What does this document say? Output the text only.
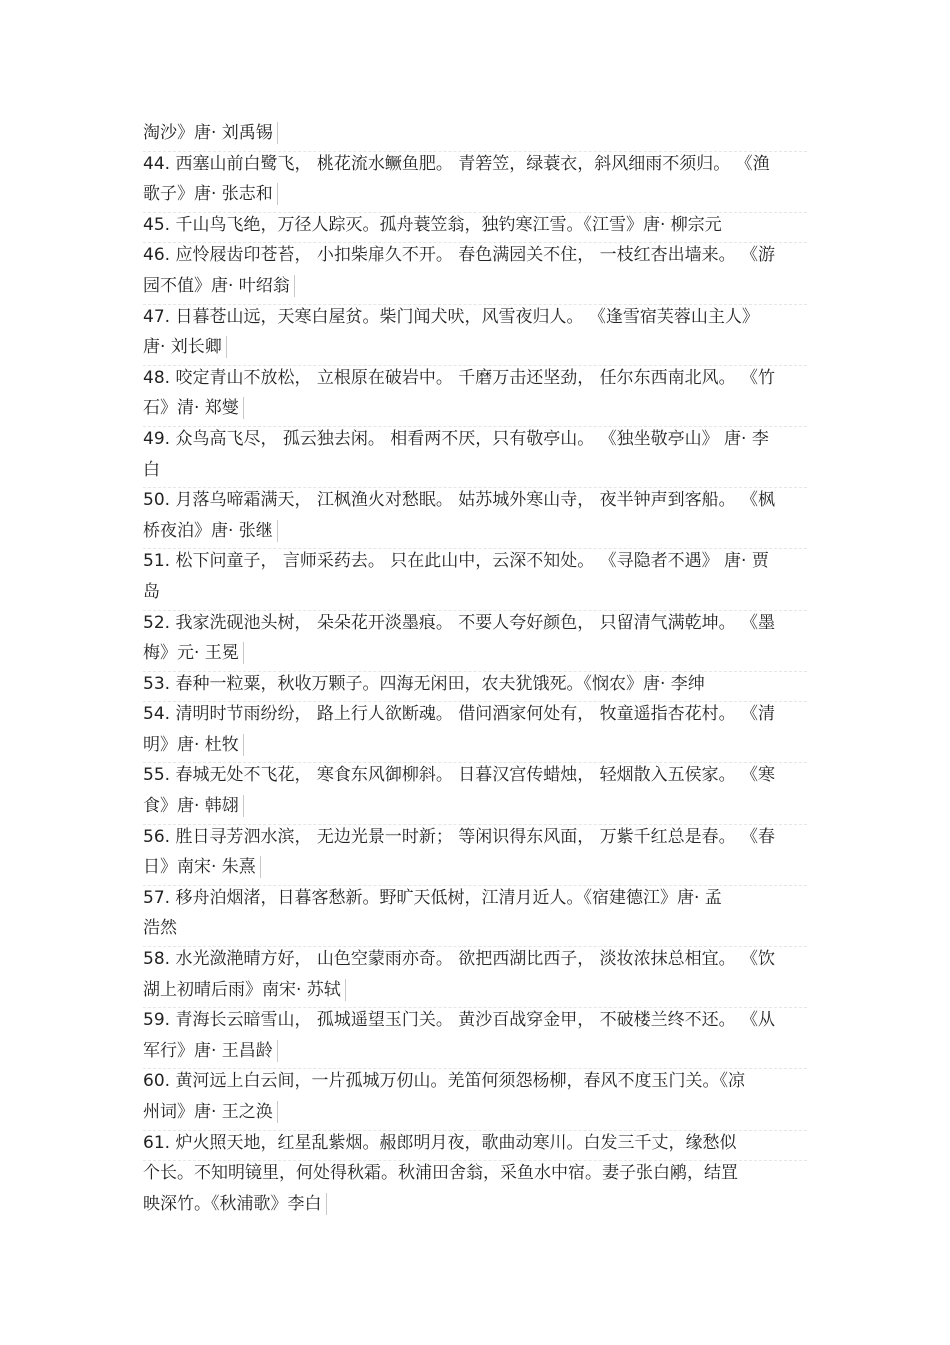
淘沙》唐· 刘禹锡
44. 西塞山前白鹭飞， 桃花流水鳜鱼肥。 青箬笠，绿蓑衣，斜风细雨不须归。 《渔
歌子》唐· 张志和
45. 千山鸟飞绝，万径人踪灭。孤舟蓑笠翁，独钓寒江雪。《江雪》唐· 柳宗元
46. 应怜屐齿印苍苔， 小扣柴扉久不开。 春色满园关不住， 一枝红杏出墙来。 《游
园不值》唐· 叶绍翁
47. 日暮苍山远，天寒白屋贫。柴门闻犬吠，风雪夜归人。 《逢雪宿芙蓉山主人》
唐· 刘长卿
48. 咬定青山不放松， 立根原在破岩中。 千磨万击还坚劲， 任尔东西南北风。 《竹
石》清· 郑燮
49. 众鸟高飞尽， 孤云独去闲。 相看两不厌，只有敬亭山。 《独坐敬亭山》 唐· 李
白
50. 月落乌啼霜满天， 江枫渔火对愁眠。 姑苏城外寒山寺， 夜半钟声到客船。 《枫
桥夜泊》唐· 张继
51. 松下问童子， 言师采药去。 只在此山中，云深不知处。 《寻隐者不遇》 唐· 贾
岛
52. 我家洗砚池头树， 朵朵花开淡墨痕。 不要人夸好颜色， 只留清气满乾坤。 《墨
梅》元· 王冕
53. 春种一粒粟，秋收万颗子。四海无闲田，农夫犹饿死。《悯农》唐· 李绅
54. 清明时节雨纷纷， 路上行人欲断魂。 借问酒家何处有， 牧童遥指杏花村。 《清
明》唐· 杜牧
55. 春城无处不飞花， 寒食东风御柳斜。 日暮汉宫传蜡烛， 轻烟散入五侯家。 《寒
食》唐· 韩翃
56. 胜日寻芳泗水滨， 无边光景一时新； 等闲识得东风面， 万紫千红总是春。 《春
日》南宋· 朱熹
57. 移舟泊烟渚，日暮客愁新。野旷天低树，江清月近人。《宿建德江》唐· 孟
浩然
58. 水光潋滟晴方好， 山色空蒙雨亦奇。 欲把西湖比西子， 淡妆浓抹总相宜。 《饮
湖上初晴后雨》南宋· 苏轼
59. 青海长云暗雪山， 孤城遥望玉门关。 黄沙百战穿金甲， 不破楼兰终不还。 《从
军行》唐· 王昌龄
60. 黄河远上白云间，一片孤城万仞山。羌笛何须怨杨柳，春风不度玉门关。《凉
州词》唐· 王之涣
61. 炉火照天地，红星乱紫烟。赧郎明月夜，歌曲动寒川。白发三千丈，缘愁似
个长。不知明镜里，何处得秋霜。秋浦田舍翁，采鱼水中宿。妻子张白鹇，结罝
映深竹。《秋浦歌》李白
